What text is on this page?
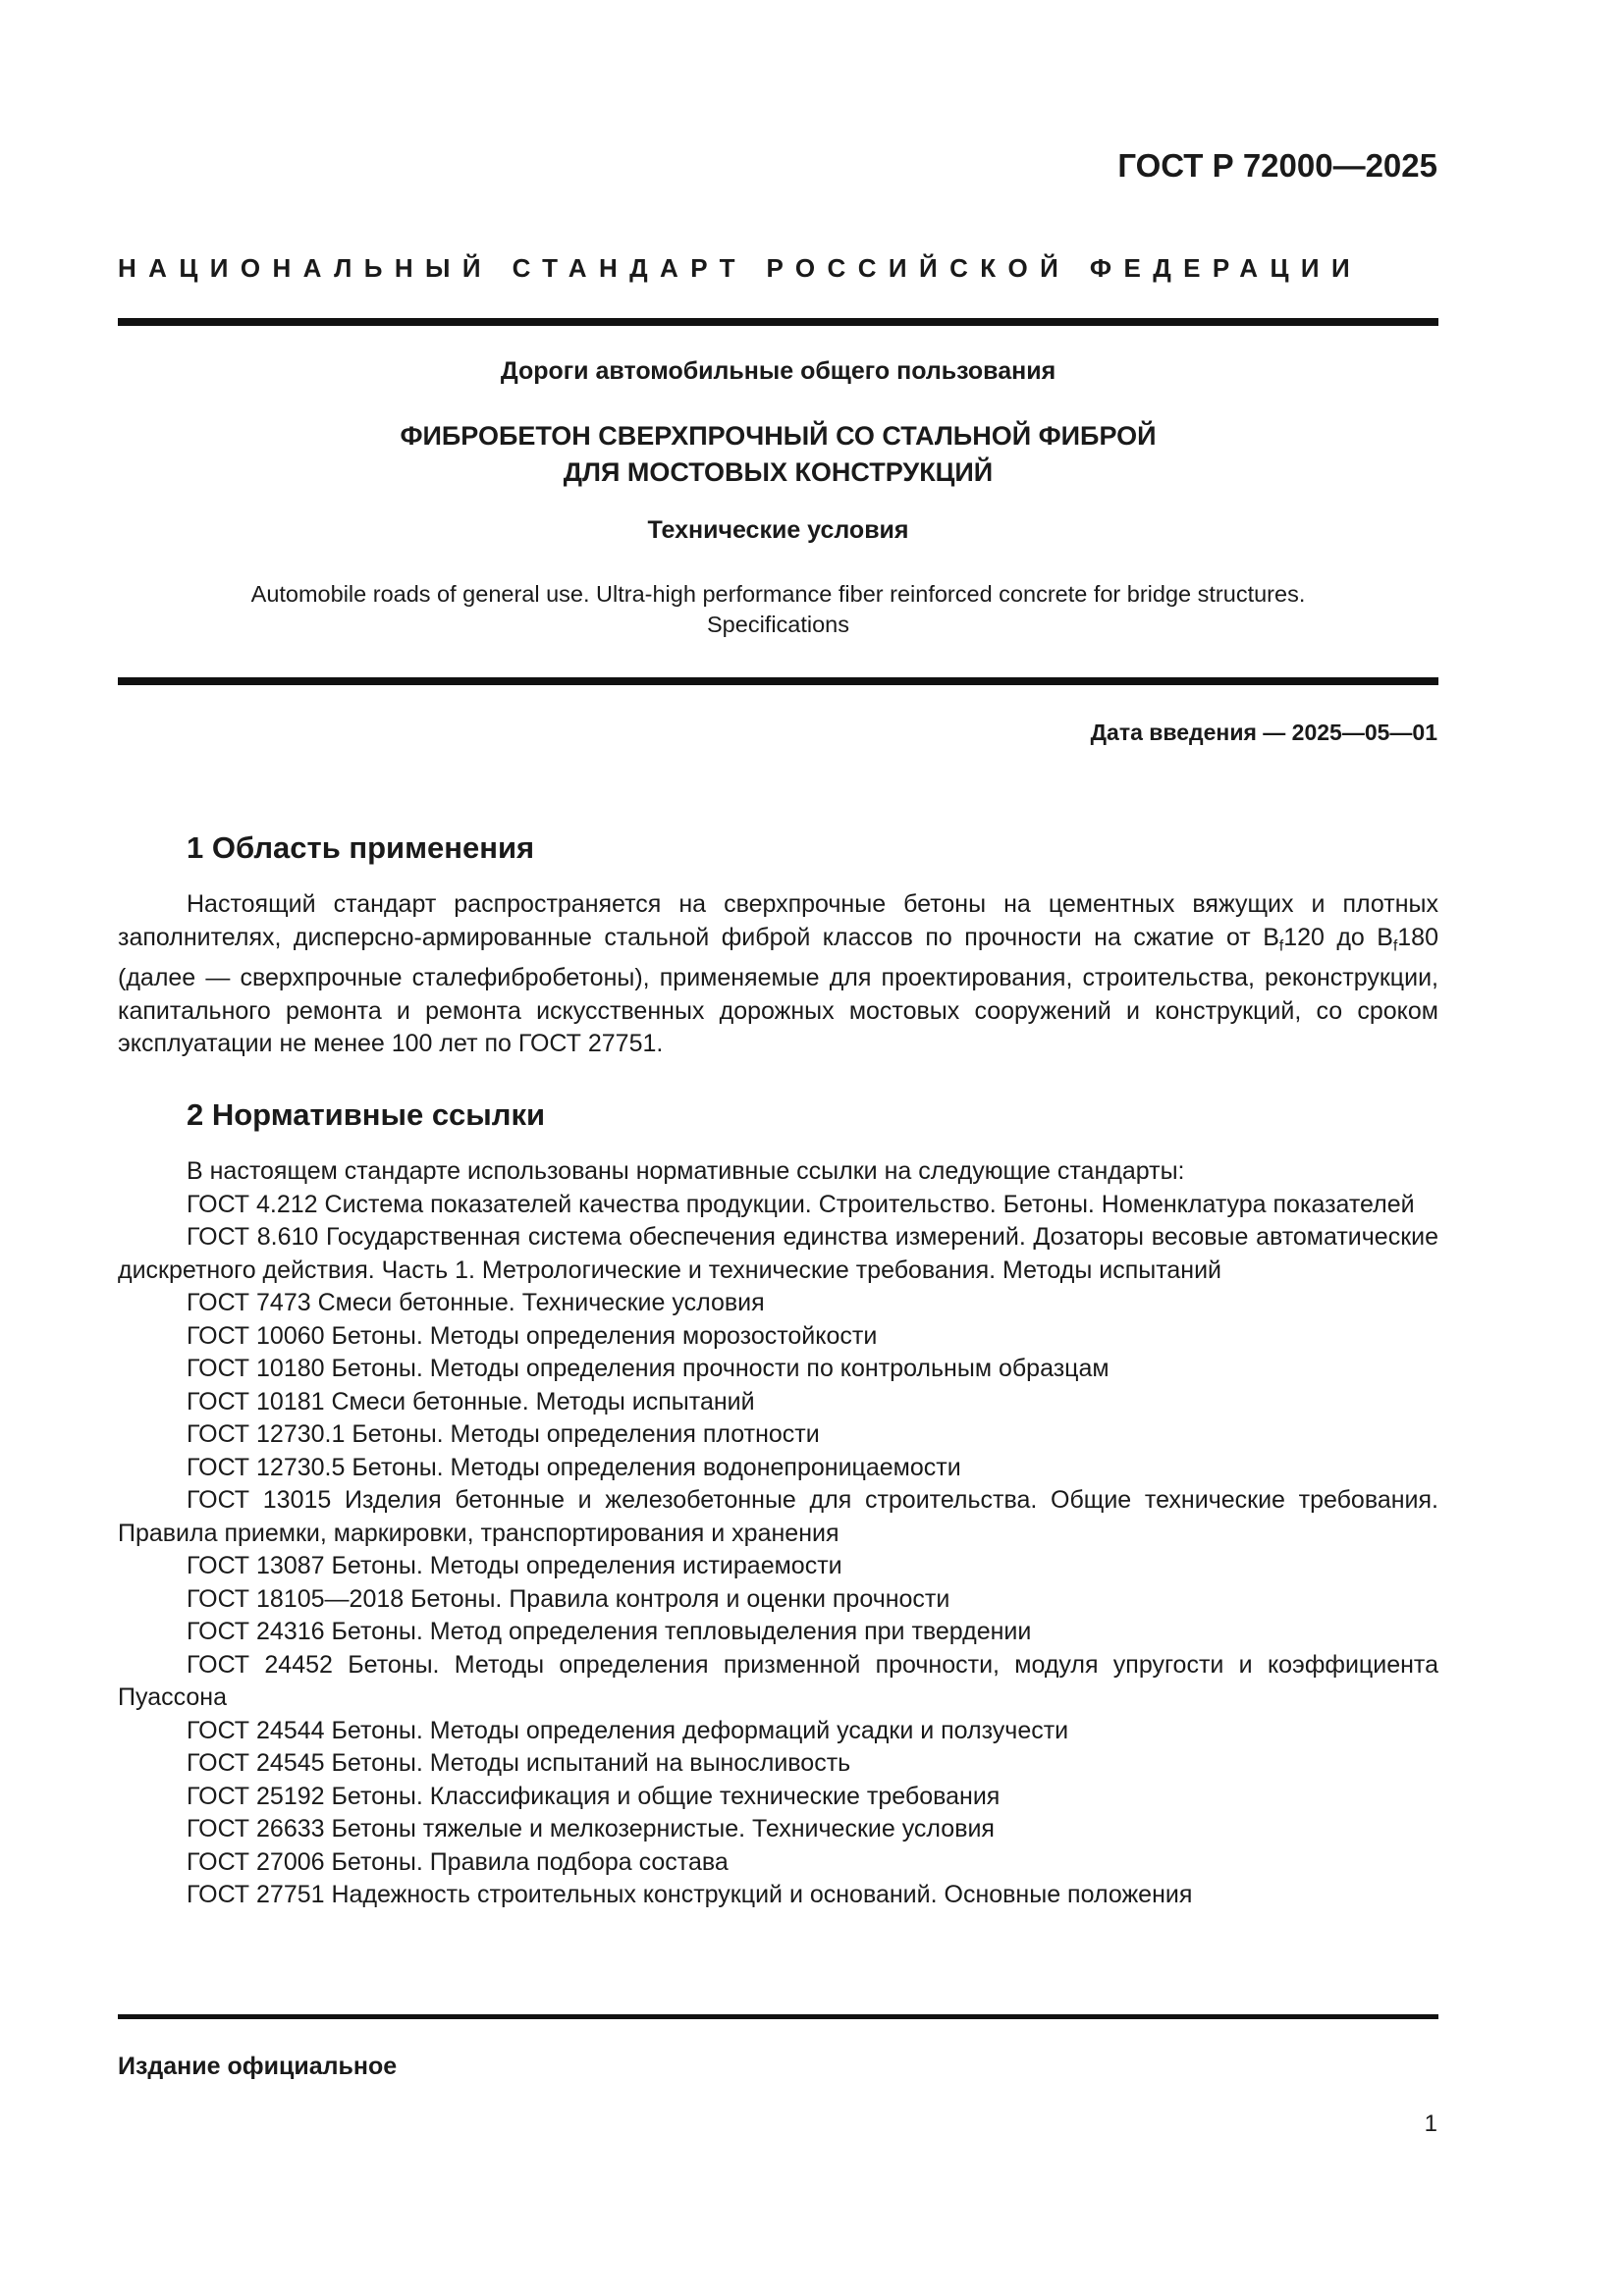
ГОСТ Р 72000—2025
НАЦИОНАЛЬНЫЙ СТАНДАРТ РОССИЙСКОЙ ФЕДЕРАЦИИ
Дороги автомобильные общего пользования
ФИБРОБЕТОН СВЕРХПРОЧНЫЙ СО СТАЛЬНОЙ ФИБРОЙ
ДЛЯ МОСТОВЫХ КОНСТРУКЦИЙ
Технические условия
Automobile roads of general use. Ultra-high performance fiber reinforced concrete for bridge structures.
Specifications
Дата введения — 2025—05—01
1 Область применения
Настоящий стандарт распространяется на сверхпрочные бетоны на цементных вяжущих и плотных заполнителях, дисперсно-армированные стальной фиброй классов по прочности на сжатие от $B_f120$ до $B_f180$ (далее — сверхпрочные сталефибробетоны), применяемые для проектирования, строительства, реконструкции, капитального ремонта и ремонта искусственных дорожных мостовых сооружений и конструкций, со сроком эксплуатации не менее 100 лет по ГОСТ 27751.
2 Нормативные ссылки
В настоящем стандарте использованы нормативные ссылки на следующие стандарты:
ГОСТ 4.212 Система показателей качества продукции. Строительство. Бетоны. Номенклатура показателей
ГОСТ 8.610 Государственная система обеспечения единства измерений. Дозаторы весовые автоматические дискретного действия. Часть 1. Метрологические и технические требования. Методы испытаний
ГОСТ 7473 Смеси бетонные. Технические условия
ГОСТ 10060 Бетоны. Методы определения морозостойкости
ГОСТ 10180 Бетоны. Методы определения прочности по контрольным образцам
ГОСТ 10181 Смеси бетонные. Методы испытаний
ГОСТ 12730.1 Бетоны. Методы определения плотности
ГОСТ 12730.5 Бетоны. Методы определения водонепроницаемости
ГОСТ 13015 Изделия бетонные и железобетонные для строительства. Общие технические требования. Правила приемки, маркировки, транспортирования и хранения
ГОСТ 13087 Бетоны. Методы определения истираемости
ГОСТ 18105—2018 Бетоны. Правила контроля и оценки прочности
ГОСТ 24316 Бетоны. Метод определения тепловыделения при твердении
ГОСТ 24452 Бетоны. Методы определения призменной прочности, модуля упругости и коэффициента Пуассона
ГОСТ 24544 Бетоны. Методы определения деформаций усадки и ползучести
ГОСТ 24545 Бетоны. Методы испытаний на выносливость
ГОСТ 25192 Бетоны. Классификация и общие технические требования
ГОСТ 26633 Бетоны тяжелые и мелкозернистые. Технические условия
ГОСТ 27006 Бетоны. Правила подбора состава
ГОСТ 27751 Надежность строительных конструкций и оснований. Основные положения
Издание официальное
1
